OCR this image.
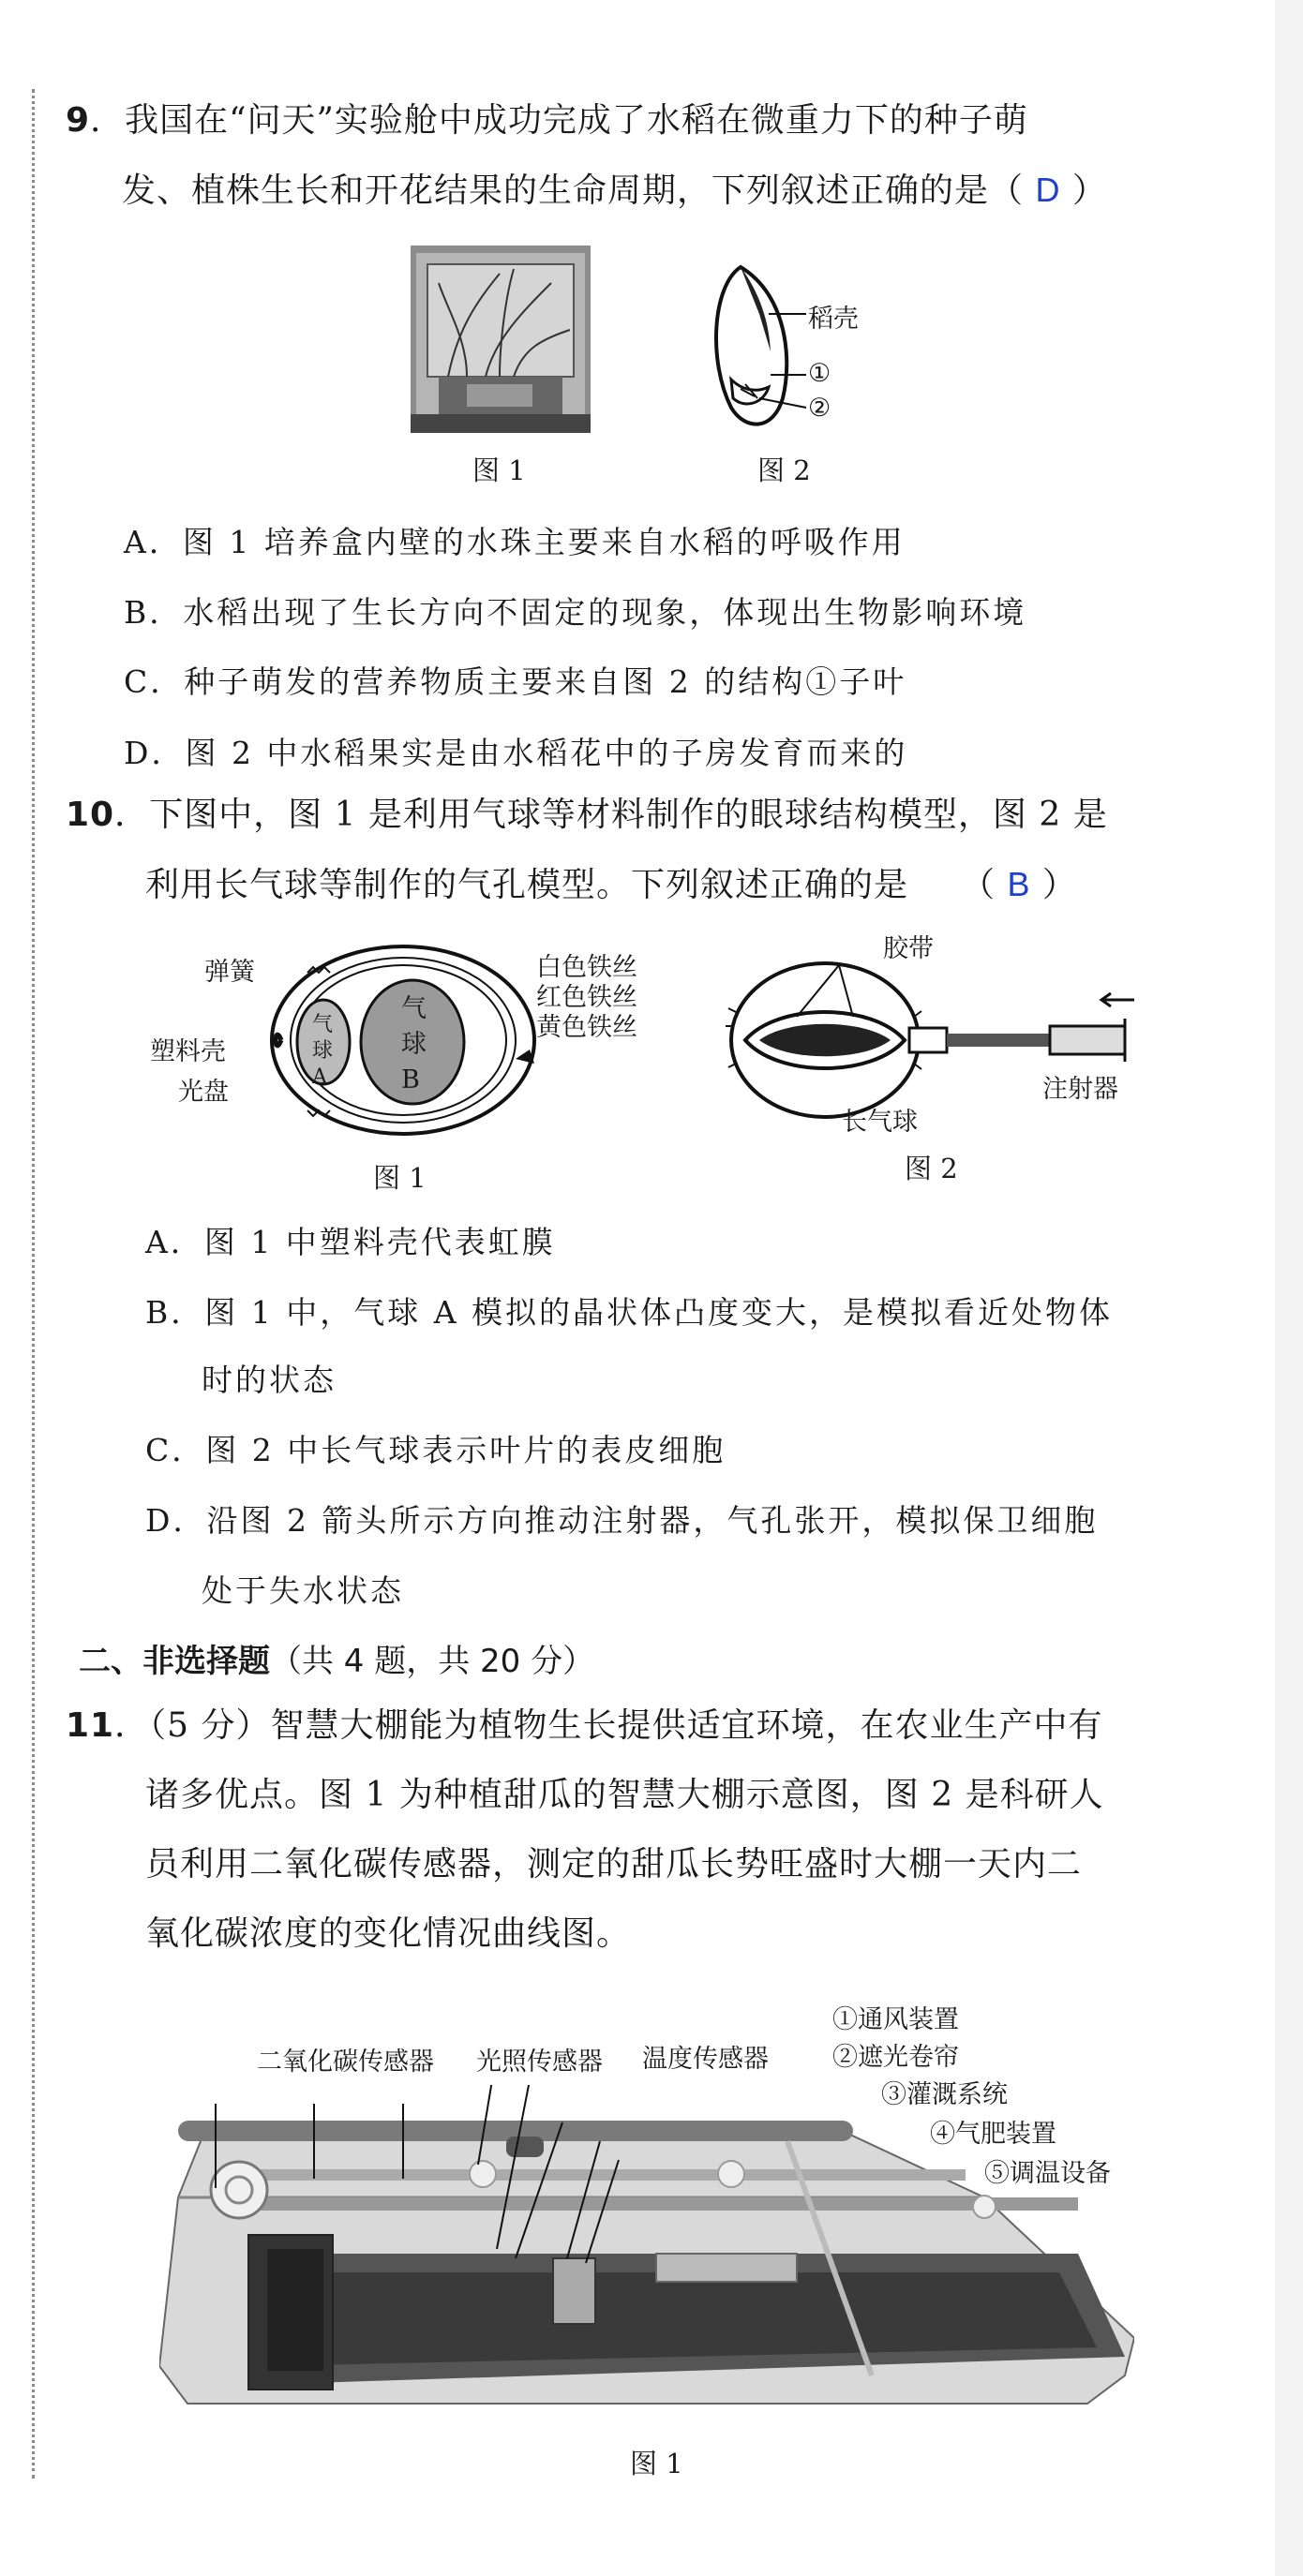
9．我国在“问天”实验舱中成功完成了水稻在微重力下的种子萌
发、植株生长和开花结果的生命周期，下列叙述正确的是（ D ）
图 1
稻壳
①
②
图 2
A．图 1 培养盒内壁的水珠主要来自水稻的呼吸作用
B．水稻出现了生长方向不固定的现象，体现出生物影响环境
C．种子萌发的营养物质主要来自图 2 的结构①子叶
D．图 2 中水稻果实是由水稻花中的子房发育而来的
10．下图中，图 1 是利用气球等材料制作的眼球结构模型，图 2 是
利用长气球等制作的气孔模型。下列叙述正确的是　　（ B ）
弹簧
塑料壳
光盘
白色铁丝
红色铁丝
黄色铁丝
气
球
A
气
球
B
图 1
胶带
长气球
注射器
图 2
A．图 1 中塑料壳代表虹膜
B．图 1 中，气球 A 模拟的晶状体凸度变大，是模拟看近处物体
时的状态
C．图 2 中长气球表示叶片的表皮细胞
D．沿图 2 箭头所示方向推动注射器，气孔张开，模拟保卫细胞
处于失水状态
二、非选择题（共 4 题，共 20 分）
11．（5 分）智慧大棚能为植物生长提供适宜环境，在农业生产中有
诸多优点。图 1 为种植甜瓜的智慧大棚示意图，图 2 是科研人
员利用二氧化碳传感器，测定的甜瓜长势旺盛时大棚一天内二
氧化碳浓度的变化情况曲线图。
二氧化碳传感器 光照传感器 温度传感器
①通风装置
②遮光卷帘
③灌溉系统
④气肥装置
⑤调温设备
图 1
